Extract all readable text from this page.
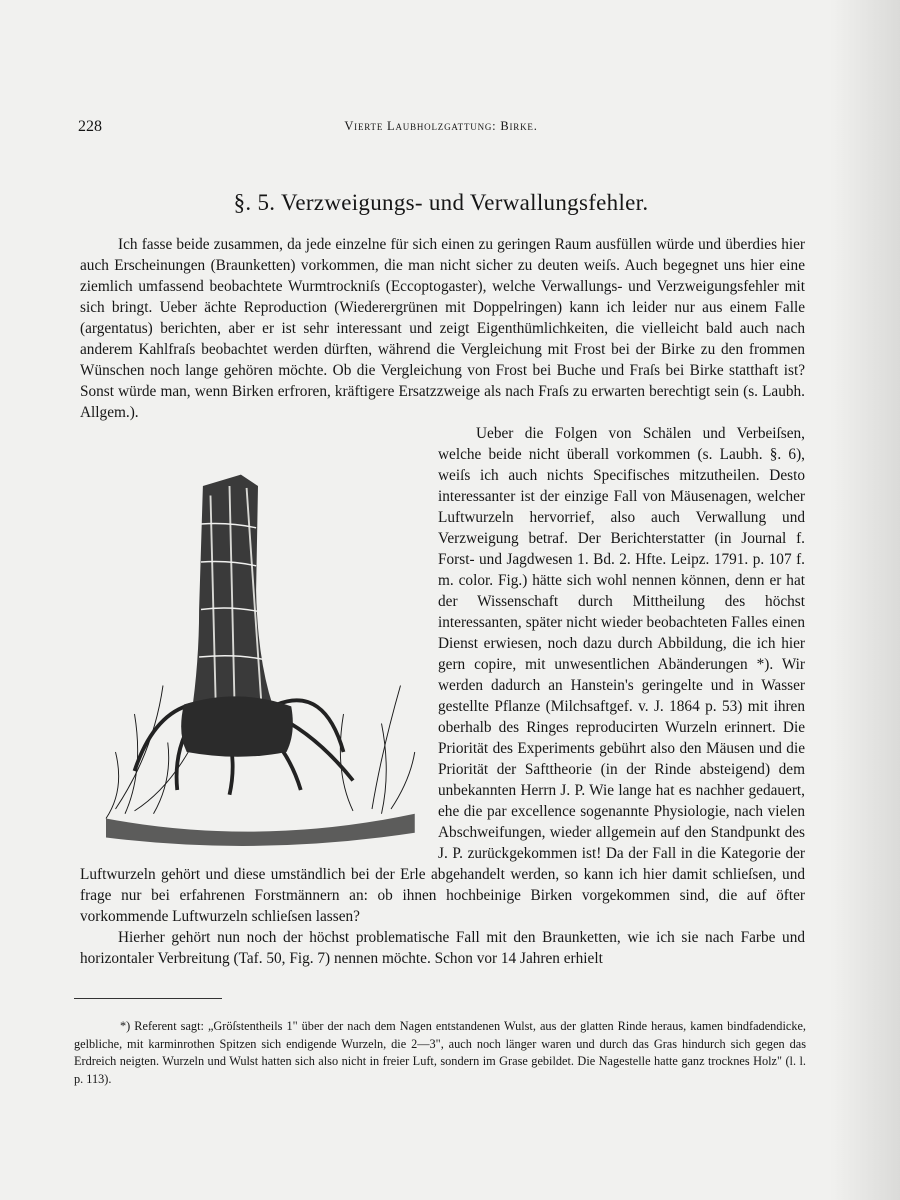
228	Vierte Laubholzgattung: Birke.
§. 5. Verzweigungs- und Verwallungsfehler.

Ich fasse beide zusammen, da jede einzelne für sich einen zu geringen Raum ausfüllen würde und überdies hier auch Erscheinungen (Braunketten) vorkommen, die man nicht sicher zu deuten weiſs. Auch begegnet uns hier eine ziemlich umfassend beobachtete Wurmtrockniſs (Eccoptogaster), welche Verwallungs- und Verzweigungsfehler mit sich bringt. Ueber ächte Reproduction (Wiederergrünen mit Doppelringen) kann ich leider nur aus einem Falle (argentatus) berichten, aber er ist sehr interessant und zeigt Eigenthümlichkeiten, die vielleicht bald auch nach anderem Kahlfraſs beobachtet werden dürften, während die Vergleichung mit Frost bei der Birke zu den frommen Wünschen noch lange gehören möchte. Ob die Vergleichung von Frost bei Buche und Fraſs bei Birke statthaft ist? Sonst würde man, wenn Birken erfroren, kräftigere Ersatzzweige als nach Fraſs zu erwarten berechtigt sein (s. Laubh. Allgem.).

Ueber die Folgen von Schälen und Verbeiſsen, welche beide nicht überall vorkommen (s. Laubh. §. 6), weiſs ich auch nichts Specifisches mitzutheilen. Desto interessanter ist der einzige Fall von Mäusenagen, welcher Luftwurzeln hervorrief, also auch Verwallung und Verzweigung betraf. Der Berichterstatter (in Journal f. Forst- und Jagdwesen 1. Bd. 2. Hfte. Leipz. 1791. p. 107 f. m. color. Fig.) hätte sich wohl nennen können, denn er hat der Wissenschaft durch Mittheilung des höchst interessanten, später nicht wieder beobachteten Falles einen Dienst erwiesen, noch dazu durch Abbildung, die ich hier gern copire, mit unwesentlichen Abänderungen *). Wir werden dadurch an Hanstein's geringelte und in Wasser gestellte Pflanze (Milchsaftgef. v. J. 1864 p. 53) mit ihren oberhalb des Ringes reproducirten Wurzeln erinnert. Die Priorität des Experiments gebührt also den Mäusen und die Priorität der Safttheorie (in der Rinde absteigend) dem unbekannten Herrn J. P. Wie lange hat es nachher gedauert, ehe die par excellence sogenannte Physiologie, nach vielen Abschweifungen, wieder allgemein auf den Standpunkt des J. P. zurückgekommen ist! Da der Fall in die Kategorie der Luftwurzeln gehört und diese umständlich bei der Erle abgehandelt werden, so kann ich hier damit schlieſsen, und frage nur bei erfahrenen Forstmännern an: ob ihnen hochbeinige Birken vorgekommen sind, die auf öfter vorkommende Luftwurzeln schlieſsen lassen?

Hierher gehört nun noch der höchst problematische Fall mit den Braunketten, wie ich sie nach Farbe und horizontaler Verbreitung (Taf. 50, Fig. 7) nennen möchte. Schon vor 14 Jahren erhielt

*) Referent sagt: „Gröſstentheils 1" über der nach dem Nagen entstandenen Wulst, aus der glatten Rinde heraus, kamen bindfadendicke, gelbliche, mit karminrothen Spitzen sich endigende Wurzeln, die 2—3", auch noch länger waren und durch das Gras hindurch sich gegen das Erdreich neigten. Wurzeln und Wulst hatten sich also nicht in freier Luft, sondern im Grase gebildet. Die Nagestelle hatte ganz trocknes Holz" (l. l. p. 113).
